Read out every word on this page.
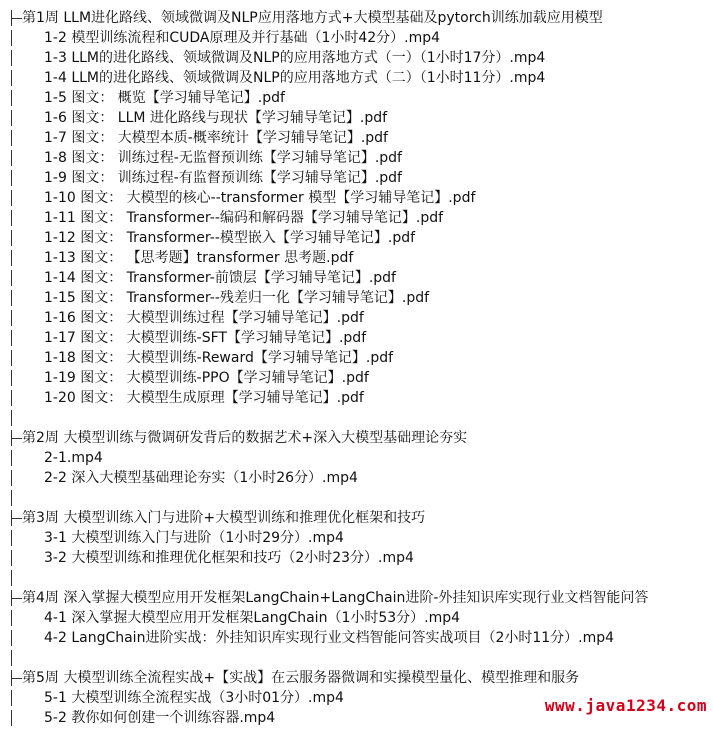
第1周 LLM进化路线、领域微调及NLP应用落地方式+大模型基础及pytorch训练加载应用模型
1-2 模型训练流程和CUDA原理及并行基础（1小时42分）.mp4
1-3 LLM的进化路线、领域微调及NLP的应用落地方式（一）（1小时17分）.mp4
1-4 LLM的进化路线、领域微调及NLP的应用落地方式（二）（1小时11分）.mp4
1-5 图文： 概览【学习辅导笔记】.pdf
1-6 图文： LLM 进化路线与现状【学习辅导笔记】.pdf
1-7 图文： 大模型本质-概率统计【学习辅导笔记】.pdf
1-8 图文： 训练过程-无监督预训练【学习辅导笔记】.pdf
1-9 图文： 训练过程-有监督预训练【学习辅导笔记】.pdf
1-10 图文： 大模型的核心--transformer 模型【学习辅导笔记】.pdf
1-11 图文： Transformer--编码和解码器【学习辅导笔记】.pdf
1-12 图文： Transformer--模型嵌入【学习辅导笔记】.pdf
1-13 图文： 【思考题】transformer 思考题.pdf
1-14 图文： Transformer-前馈层【学习辅导笔记】.pdf
1-15 图文： Transformer--残差归一化【学习辅导笔记】.pdf
1-16 图文： 大模型训练过程【学习辅导笔记】.pdf
1-17 图文： 大模型训练-SFT【学习辅导笔记】.pdf
1-18 图文： 大模型训练-Reward【学习辅导笔记】.pdf
1-19 图文： 大模型训练-PPO【学习辅导笔记】.pdf
1-20 图文： 大模型生成原理【学习辅导笔记】.pdf
第2周 大模型训练与微调研发背后的数据艺术+深入大模型基础理论夯实
2-1.mp4
2-2 深入大模型基础理论夯实（1小时26分）.mp4
第3周 大模型训练入门与进阶+大模型训练和推理优化框架和技巧
3-1 大模型训练入门与进阶（1小时29分）.mp4
3-2 大模型训练和推理优化框架和技巧（2小时23分）.mp4
第4周 深入掌握大模型应用开发框架LangChain+LangChain进阶-外挂知识库实现行业文档智能问答
4-1 深入掌握大模型应用开发框架LangChain（1小时53分）.mp4
4-2 LangChain进阶实战：外挂知识库实现行业文档智能问答实战项目（2小时11分）.mp4
第5周 大模型训练全流程实战+【实战】在云服务器微调和实操模型量化、模型推理和服务
5-1 大模型训练全流程实战（3小时01分）.mp4
5-2 教你如何创建一个训练容器.mp4
www.java1234.com
